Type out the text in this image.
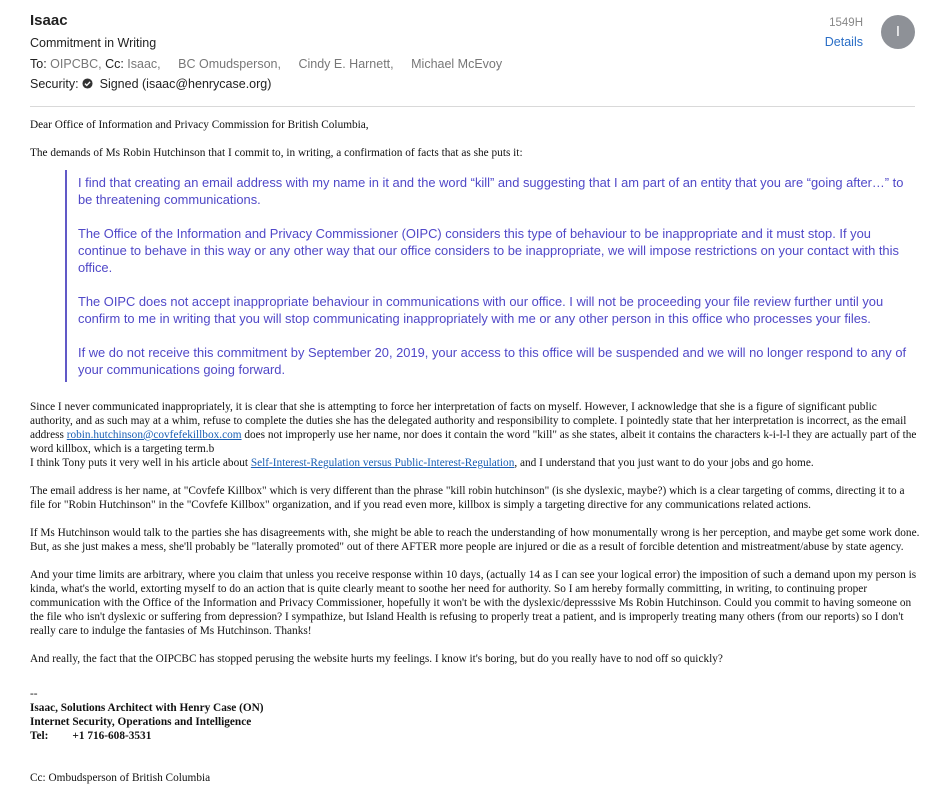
Isaac
Commitment in Writing
To: OIPCBC, Cc: Isaac, BC Omudsperson, Cindy E. Harnett, Michael McEvoy
Security: Signed (isaac@henrycase.org)
1549H
Details
I

Dear Office of Information and Privacy Commission for British Columbia,

The demands of Ms Robin Hutchinson that I commit to, in writing, a confirmation of facts that as she puts it:

I find that creating an email address with my name in it and the word “kill” and suggesting that I am part of an entity that you are “going after…” to be threatening communications.

The Office of the Information and Privacy Commissioner (OIPC) considers this type of behaviour to be inappropriate and it must stop. If you continue to behave in this way or any other way that our office considers to be inappropriate, we will impose restrictions on your contact with this office.

The OIPC does not accept inappropriate behaviour in communications with our office. I will not be proceeding your file review further until you confirm to me in writing that you will stop communicating inappropriately with me or any other person in this office who processes your files.

If we do not receive this commitment by September 20, 2019, your access to this office will be suspended and we will no longer respond to any of your communications going forward.

Since I never communicated inappropriately, it is clear that she is attempting to force her interpretation of facts on myself. However, I acknowledge that she is a figure of significant public authority, and as such may at a whim, refuse to complete the duties she has the delegated authority and responsibility to complete. I pointedly state that her interpretation is incorrect, as the email address robin.hutchinson@covfefekillbox.com does not improperly use her name, nor does it contain the word "kill" as she states, albeit it contains the characters k-i-l-l they are actually part of the word killbox, which is a targeting term.b

I think Tony puts it very well in his article about Self-Interest-Regulation versus Public-Interest-Regulation, and I understand that you just want to do your jobs and go home.

The email address is her name, at "Covfefe Killbox" which is very different than the phrase "kill robin hutchinson" (is she dyslexic, maybe?) which is a clear targeting of comms, directing it to a file for "Robin Hutchinson" in the "Covfefe Killbox" organization, and if you read even more, killbox is simply a targeting directive for any communications related actions.

If Ms Hutchinson would talk to the parties she has disagreements with, she might be able to reach the understanding of how monumentally wrong is her perception, and maybe get some work done. But, as she just makes a mess, she'll probably be "laterally promoted" out of there AFTER more people are injured or die as a result of forcible detention and mistreatment/abuse by state agency.

And your time limits are arbitrary, where you claim that unless you receive response within 10 days, (actually 14 as I can see your logical error) the imposition of such a demand upon my person is kinda, what's the world, extorting myself to do an action that is quite clearly meant to soothe her need for authority. So I am hereby formally committing, in writing, to continuing proper communication with the Office of the Information and Privacy Commissioner, hopefully it won't be with the dyslexic/depresssive Ms Robin Hutchinson. Could you commit to having someone on the file who isn't dyslexic or suffering from depression? I sympathize, but Island Health is refusing to properly treat a patient, and is improperly treating many others (from our reports) so I don't really care to indulge the fantasies of Ms Hutchinson. Thanks!

And really, the fact that the OIPCBC has stopped perusing the website hurts my feelings. I know it's boring, but do you really have to nod off so quickly?

--

Isaac, Solutions Architect with Henry Case (ON)

Internet Security, Operations and Intelligence

Tel: +1 716-608-3531

Cc: Ombudsperson of British Columbia
